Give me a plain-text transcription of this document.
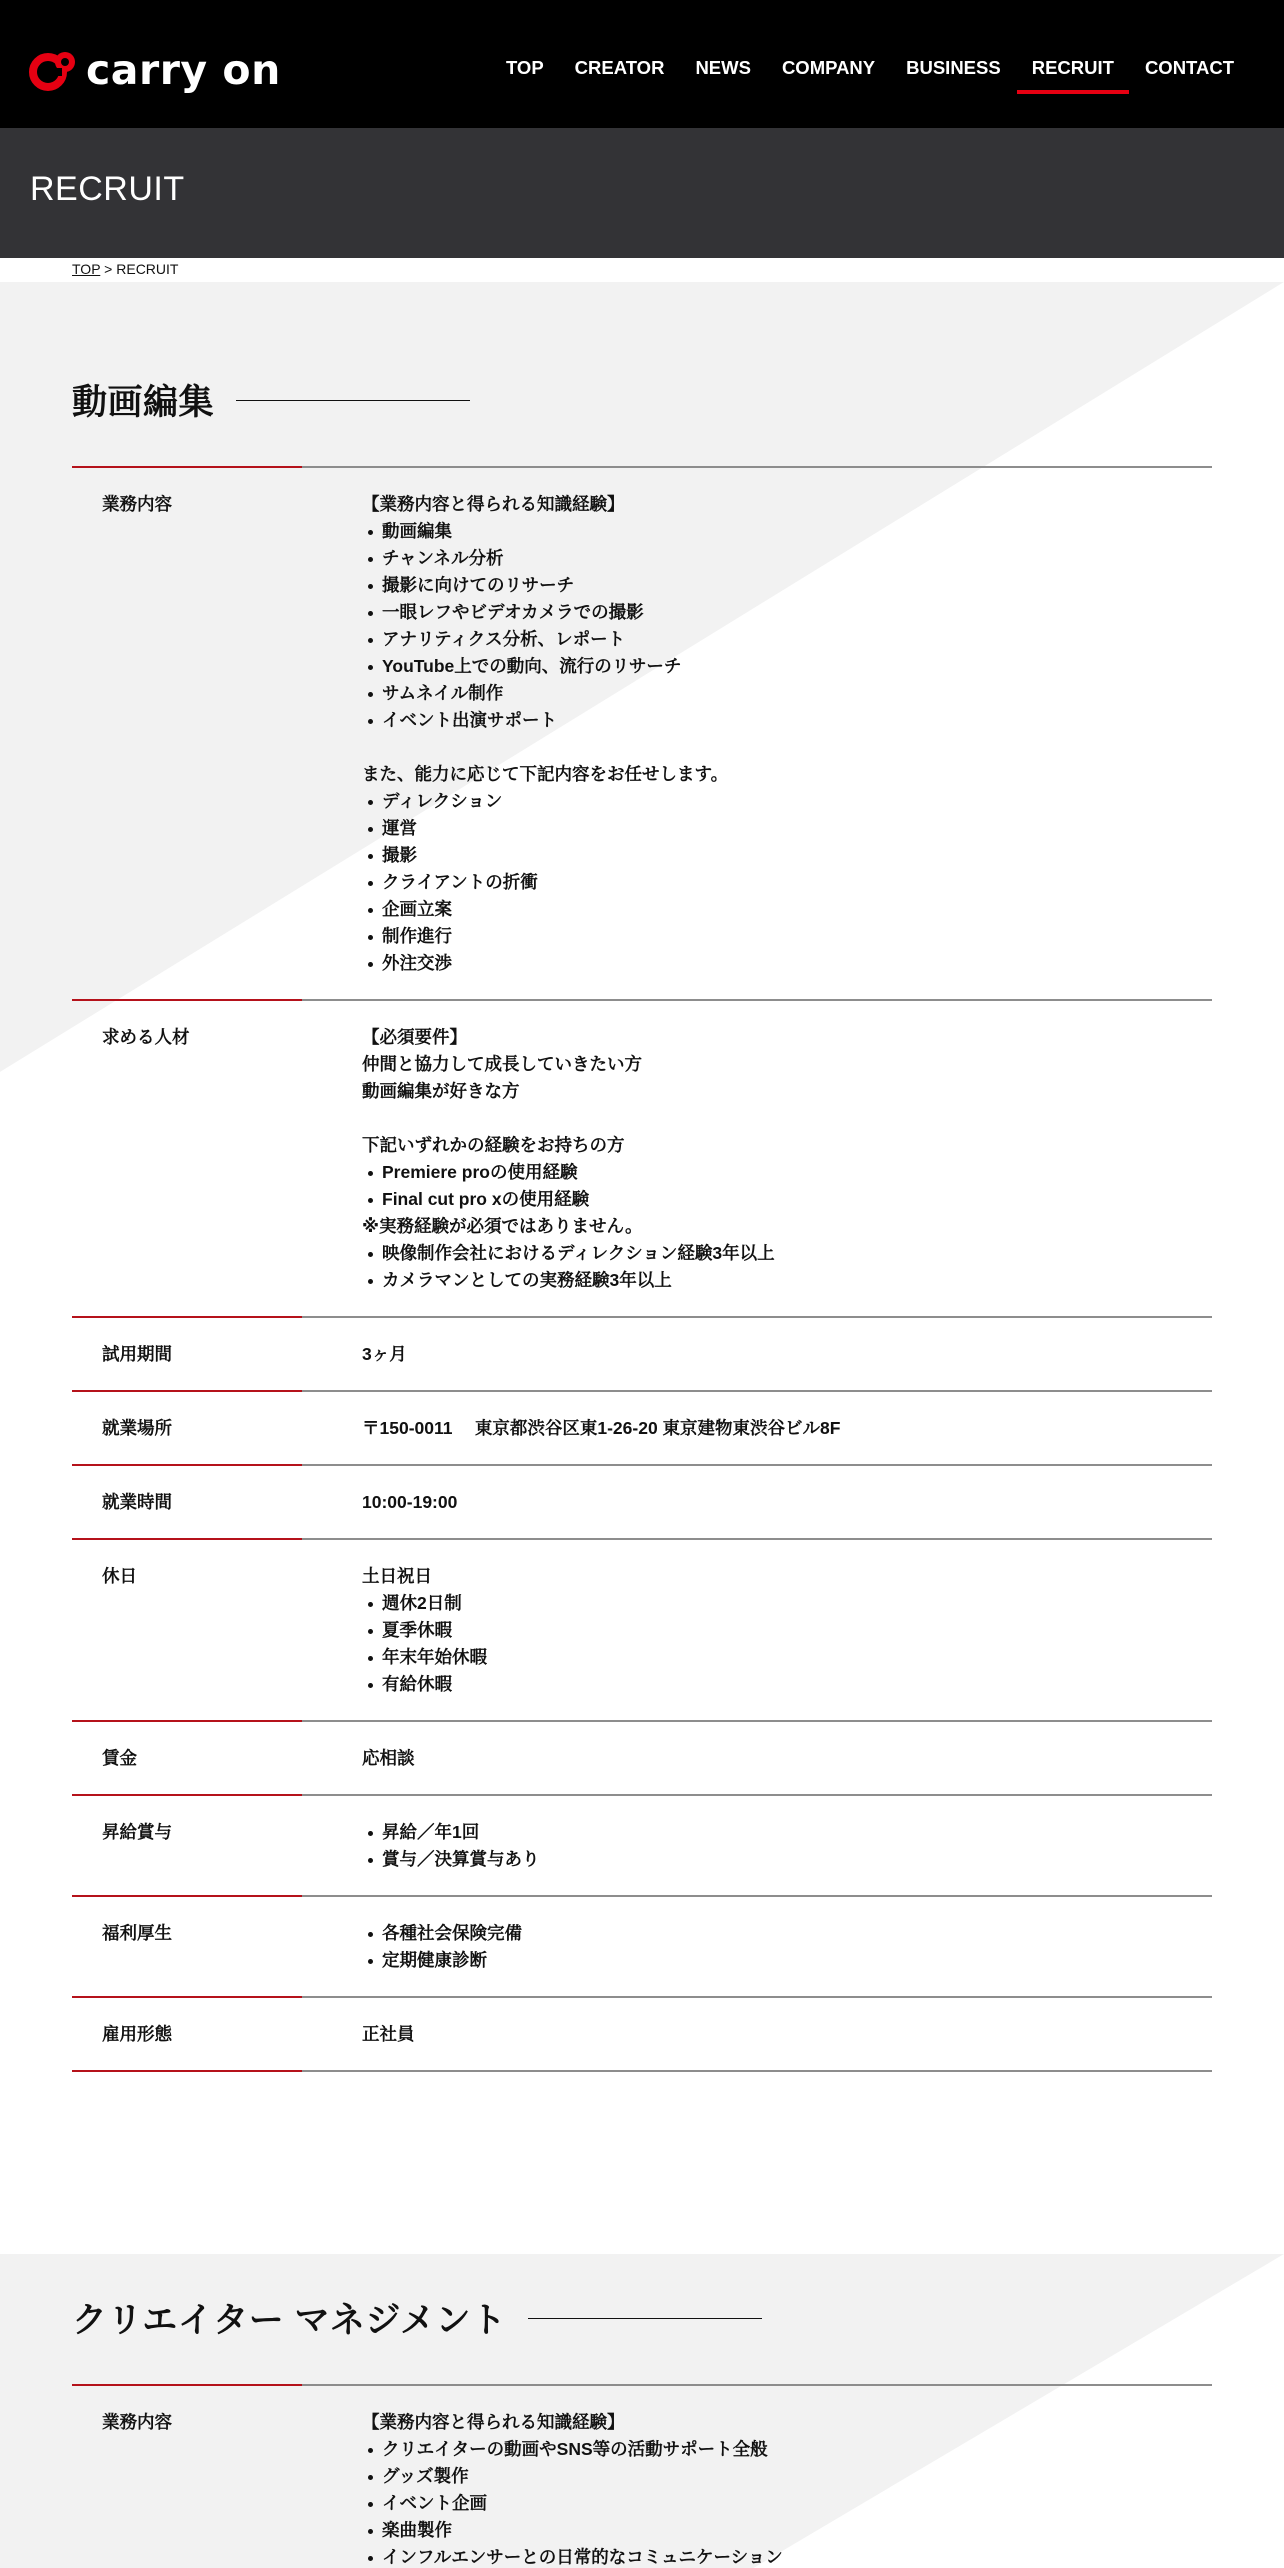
carry on	TOP CREATOR NEWS COMPANY BUSINESS RECRUIT CONTACT
RECRUIT
TOP > RECRUIT
動画編集
業務内容	【業務内容と得られる知識経験】
動画編集
チャンネル分析
撮影に向けてのリサーチ
一眼レフやビデオカメラでの撮影
アナリティクス分析、レポート
YouTube上での動向、流行のリサーチ
サムネイル制作
イベント出演サポート
また、能力に応じて下記内容をお任せします。
ディレクション
運営
撮影
クライアントの折衝
企画立案
制作進行
外注交渉
求める人材	【必須要件】
仲間と協力して成長していきたい方
動画編集が好きな方
下記いずれかの経験をお持ちの方
Premiere proの使用経験
Final cut pro xの使用経験
※実務経験が必須ではありません。
映像制作会社におけるディレクション経験3年以上
カメラマンとしての実務経験3年以上
試用期間	3ヶ月
就業場所	〒150-0011　 東京都渋谷区東1-26-20 東京建物東渋谷ビル8F
就業時間	10:00-19:00
休日	土日祝日
週休2日制
夏季休暇
年末年始休暇
有給休暇
賃金	応相談
昇給賞与	昇給／年1回
賞与／決算賞与あり
福利厚生	各種社会保険完備
定期健康診断
雇用形態	正社員
クリエイター マネジメント
業務内容	【業務内容と得られる知識経験】
クリエイターの動画やSNS等の活動サポート全般
グッズ製作
イベント企画
楽曲製作
インフルエンサーとの日常的なコミュニケーション
